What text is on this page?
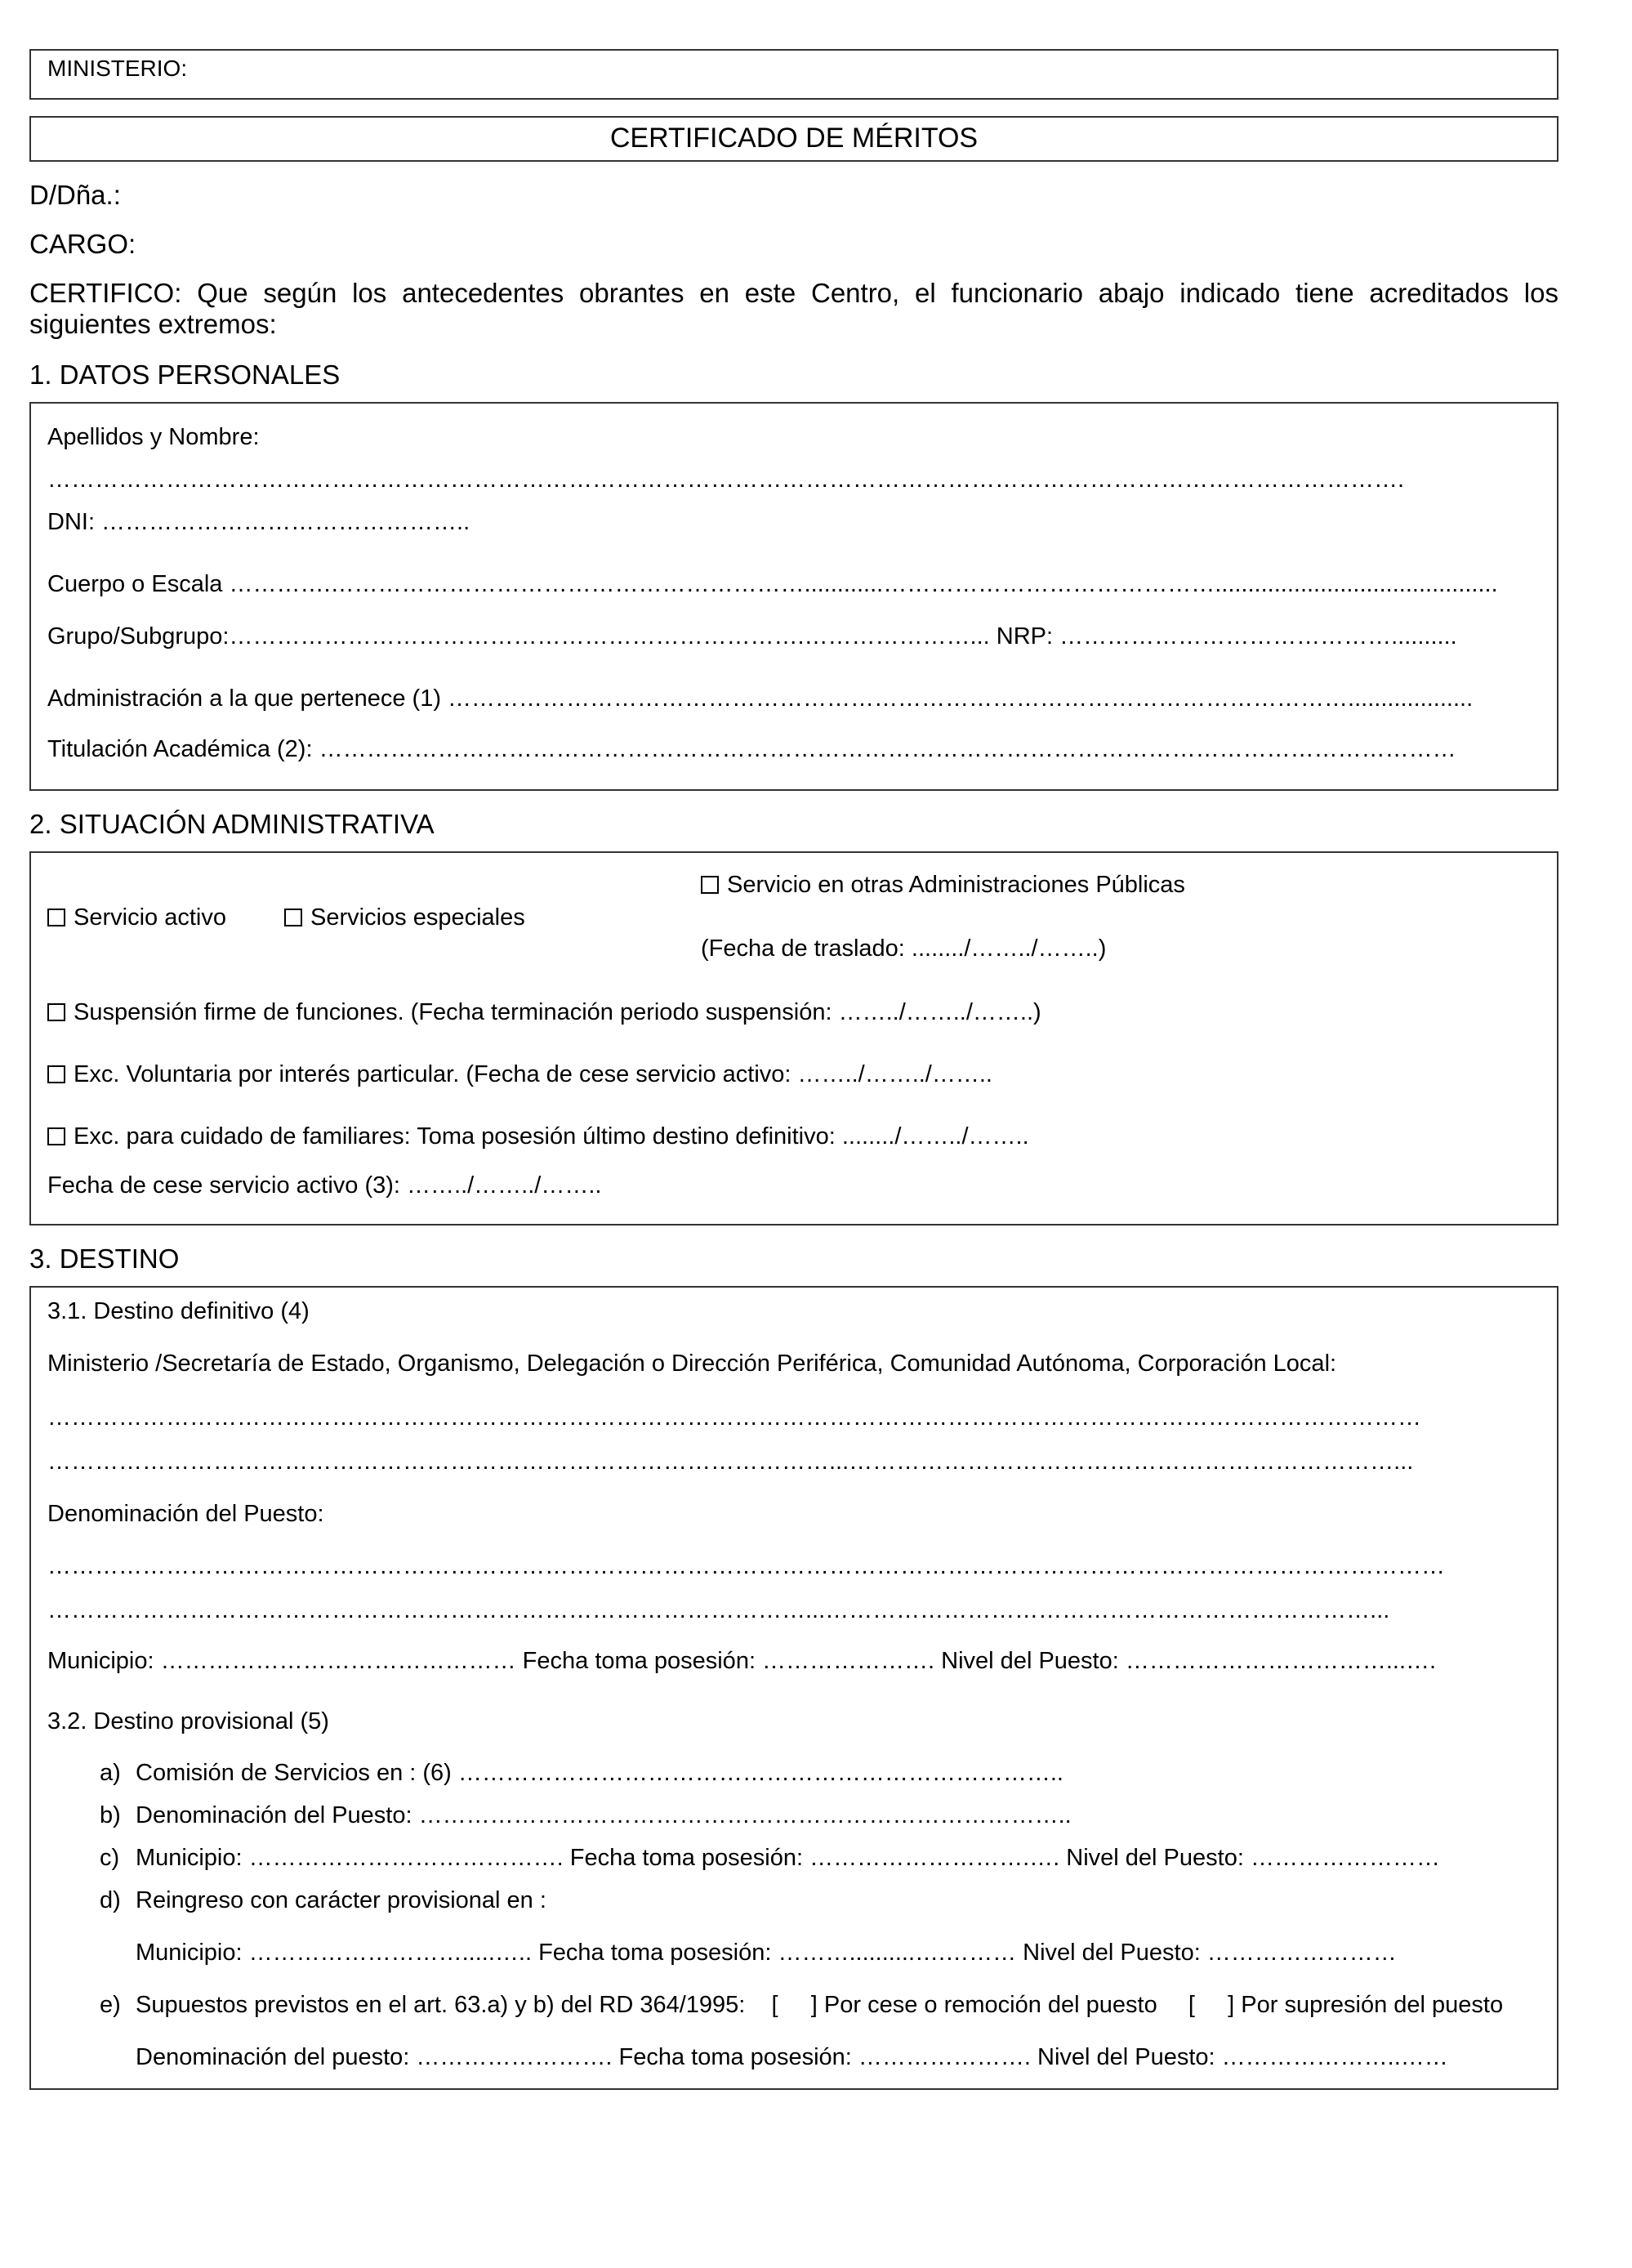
MINISTERIO:
CERTIFICADO DE MÉRITOS
D/Dña.:
CARGO:
CERTIFICO: Que según los antecedentes obrantes en este Centro, el funcionario abajo indicado tiene acreditados los siguientes extremos:
1. DATOS PERSONALES
Apellidos y Nombre:
……………………………………………………………………………………………………………………………………………………….
DNI: ………………………………………..
Cuerpo o Escala ………….……………………………………………………............……………………………………...........................................
Grupo/Subgrupo:……………………………………………………………….…………………... NRP: ……………………………………..........
Administración a la que pertenece (1) ……………………………………………………………………………………………………...................
Titulación Académica (2): ………………………………………………………………………………………………………………………………
2. SITUACIÓN ADMINISTRATIVA
Servicio activo	Servicios especiales
Servicio en otras Administraciones Públicas
(Fecha de traslado: ......../……../……..)
Suspensión firme de funciones. (Fecha terminación periodo suspensión: ……../……../……..)
Exc. Voluntaria por interés particular. (Fecha de cese servicio activo: ……../……../……..
Exc. para cuidado de familiares: Toma posesión último destino definitivo: ......../……../……..
Fecha de cese servicio activo (3): ……../……../……..
3. DESTINO
3.1. Destino definitivo (4)
Ministerio /Secretaría de Estado, Organismo, Delegación o Dirección Periférica, Comunidad Autónoma, Corporación Local:
…………………………………………………………………………………………………………………………………………………………
………………………………………………………………………………………...……………………………………………………………...
Denominación del Puesto:
……………………………………………………………………………………………………………………………………………………………
……………………………………………………………………………………...……………………………………………………………...
Municipio: ……………………………………… Fecha toma posesión: …………………. Nivel del Puesto: ……………………………...….
3.2. Destino provisional (5)
a) Comisión de Servicios en : (6) …………………………………………………………………..
b) Denominación del Puesto: ………………………………………………………………………..
c) Municipio: …………………………………. Fecha toma posesión: ……………………….…. Nivel del Puesto: ……………………
d) Reingreso con carácter provisional en :
Municipio: ……………………….....….. Fecha toma posesión: ………..........….……… Nivel del Puesto: ……………………
e) Supuestos previstos en el art. 63.a) y b) del RD 364/1995: [     ] Por cese o remoción del puesto [     ] Por supresión del puesto
Denominación del puesto: ……………………. Fecha toma posesión: …………………. Nivel del Puesto: …………………..……
